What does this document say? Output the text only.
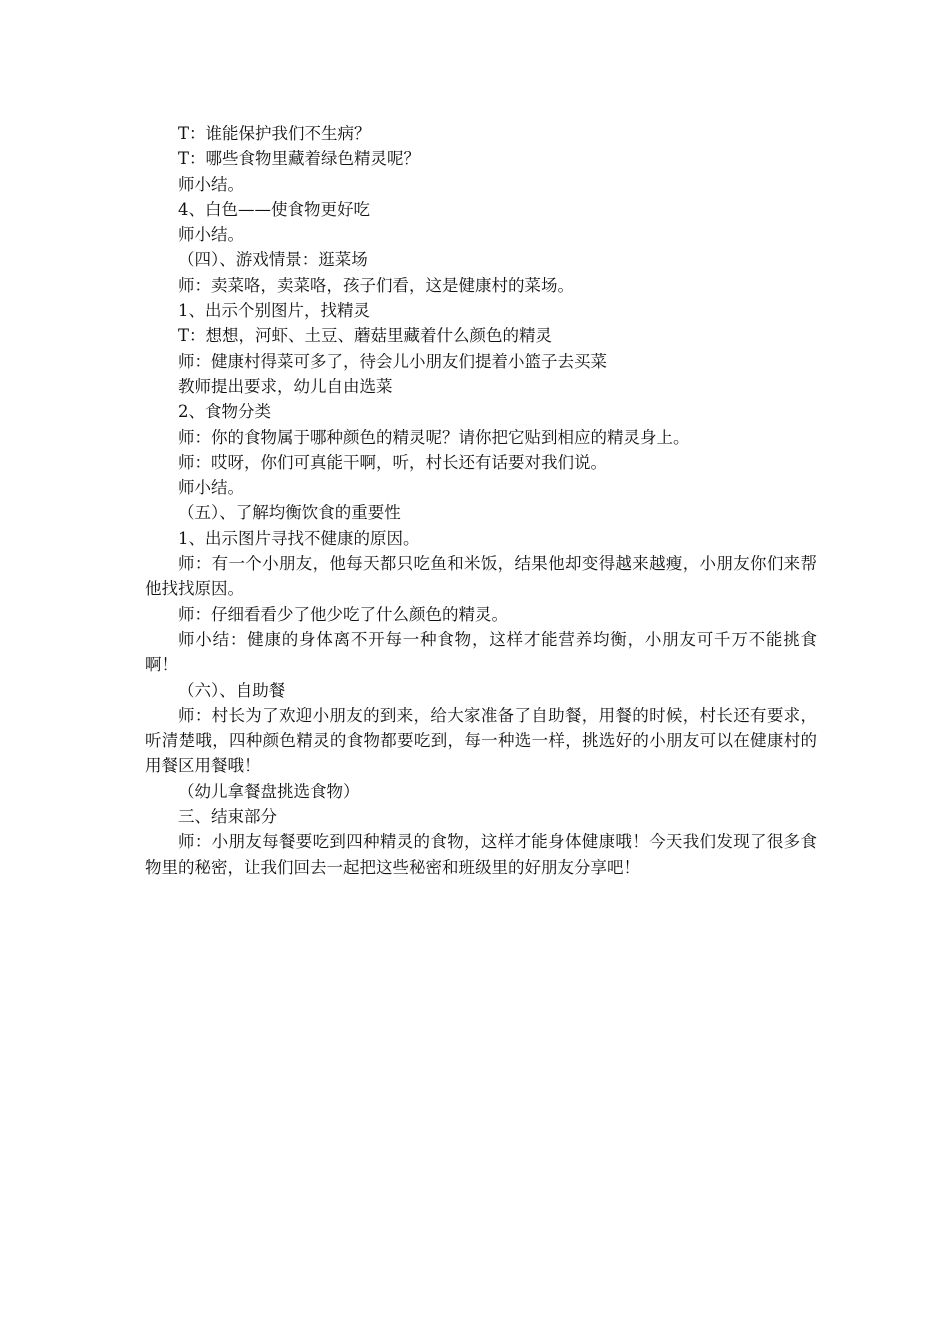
T：谁能保护我们不生病？

T：哪些食物里藏着绿色精灵呢？

师小结。

4、白色——使食物更好吃

师小结。

（四）、游戏情景：逛菜场

师：卖菜咯，卖菜咯，孩子们看，这是健康村的菜场。

1、出示个别图片，找精灵

T：想想，河虾、土豆、蘑菇里藏着什么颜色的精灵

师：健康村得菜可多了，待会儿小朋友们提着小篮子去买菜

教师提出要求，幼儿自由选菜

2、食物分类

师：你的食物属于哪种颜色的精灵呢？请你把它贴到相应的精灵身上。

师：哎呀，你们可真能干啊，听，村长还有话要对我们说。

师小结。

（五）、了解均衡饮食的重要性

1、出示图片寻找不健康的原因。

师：有一个小朋友，他每天都只吃鱼和米饭，结果他却变得越来越瘦，小朋友你们来帮他找找原因。

师：仔细看看少了他少吃了什么颜色的精灵。

师小结：健康的身体离不开每一种食物，这样才能营养均衡，小朋友可千万不能挑食啊！

（六）、自助餐

师：村长为了欢迎小朋友的到来，给大家准备了自助餐，用餐的时候，村长还有要求，听清楚哦，四种颜色精灵的食物都要吃到，每一种选一样，挑选好的小朋友可以在健康村的用餐区用餐哦！

（幼儿拿餐盘挑选食物）

三、结束部分

师：小朋友每餐要吃到四种精灵的食物，这样才能身体健康哦！今天我们发现了很多食物里的秘密，让我们回去一起把这些秘密和班级里的好朋友分享吧！
